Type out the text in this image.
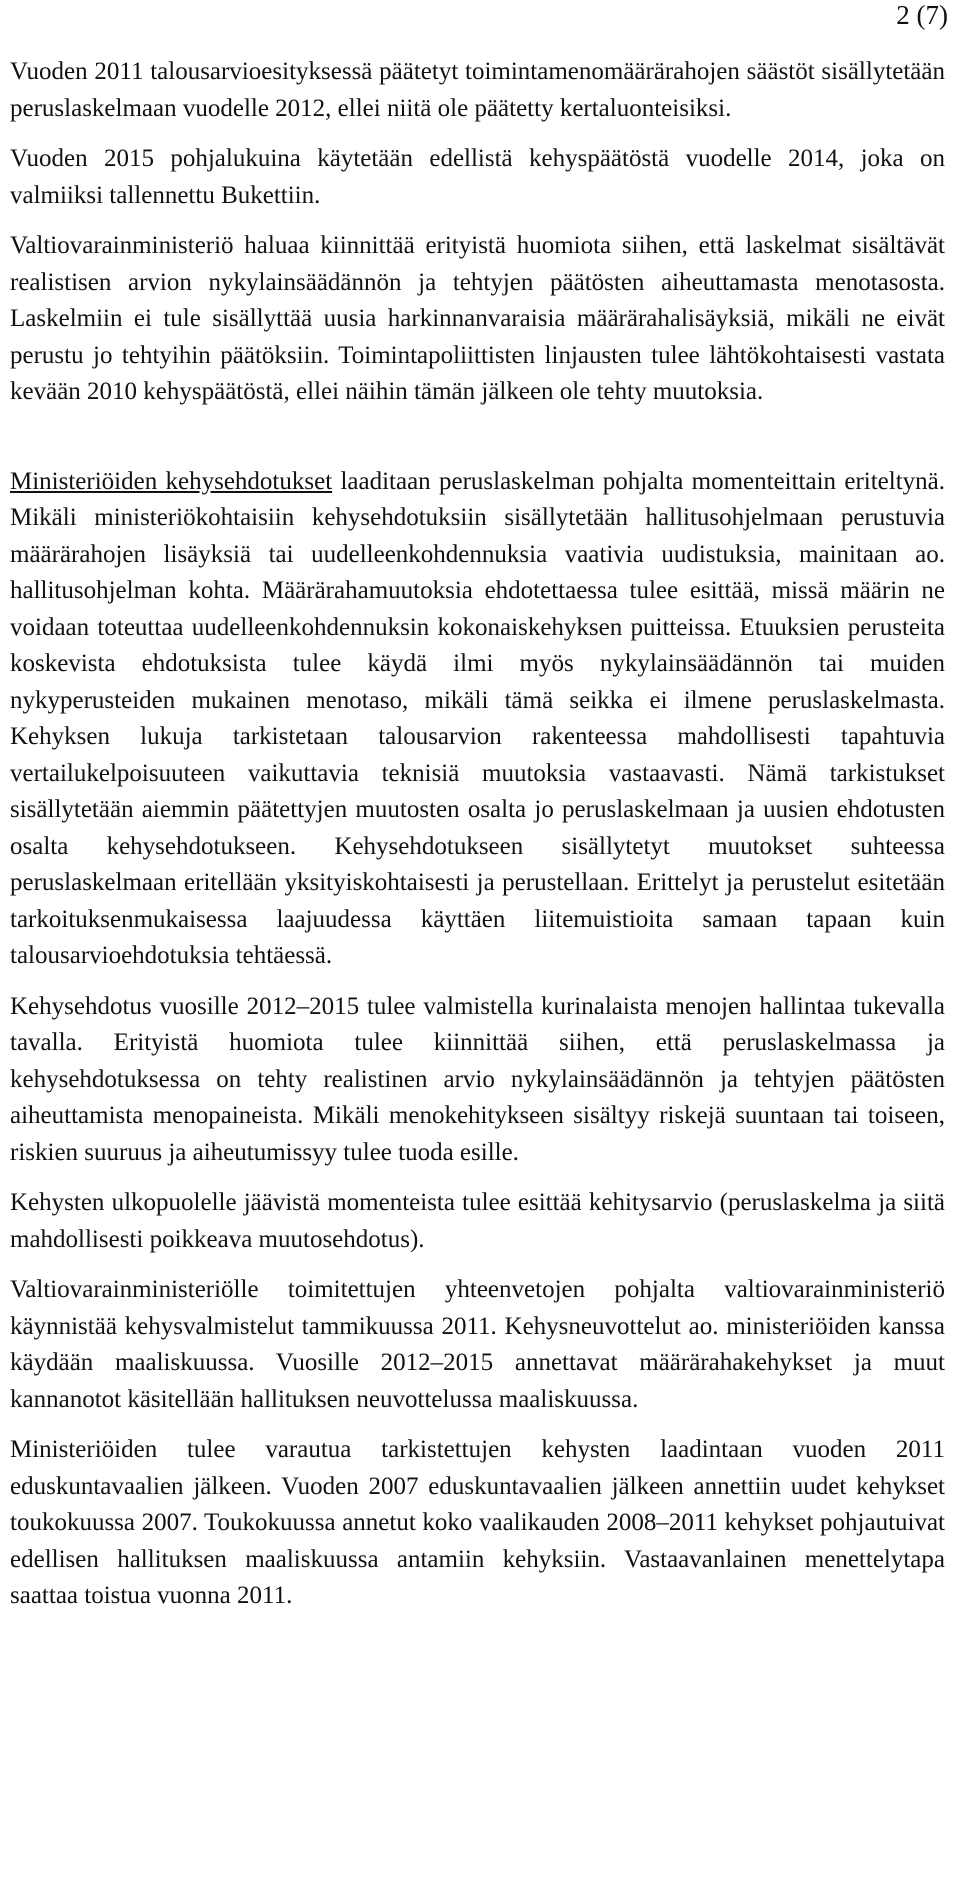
2 (7)

Vuoden 2011 talousarvioesityksessä päätetyt toimintamenomäärärahojen säästöt sisällytetään peruslaskelmaan vuodelle 2012, ellei niitä ole päätetty kertaluonteisiksi.

Vuoden 2015 pohjalukuina käytetään edellistä kehyspäätöstä vuodelle 2014, joka on valmiiksi tallennettu Bukettiin.

Valtiovarainministeriö haluaa kiinnittää erityistä huomiota siihen, että laskelmat sisältävät realistisen arvion nykylainsäädännön ja tehtyjen päätösten aiheuttamasta menotasosta. Laskelmiin ei tule sisällyttää uusia harkinnanvaraisia määrärahalisäyksiä, mikäli ne eivät perustu jo tehtyihin päätöksiin. Toimintapoliittisten linjausten tulee lähtökohtaisesti vastata kevään 2010 kehyspäätöstä, ellei näihin tämän jälkeen ole tehty muutoksia.

Ministeriöiden kehysehdotukset laaditaan peruslaskelman pohjalta momenteittain eriteltynä. Mikäli ministeriökohtaisiin kehysehdotuksiin sisällytetään hallitusohjelmaan perustuvia määrärahojen lisäyksiä tai uudelleenkohdennuksia vaativia uudistuksia, mainitaan ao. hallitusohjelman kohta. Määrärahamuutoksia ehdotettaessa tulee esittää, missä määrin ne voidaan toteuttaa uudelleenkohdennuksin kokonaiskehyksen puitteissa. Etuuksien perusteita koskevista ehdotuksista tulee käydä ilmi myös nykylainsäädännön tai muiden nykyperusteiden mukainen menotaso, mikäli tämä seikka ei ilmene peruslaskelmasta. Kehyksen lukuja tarkistetaan talousarvion rakenteessa mahdollisesti tapahtuvia vertailukelpoisuuteen vaikuttavia teknisiä muutoksia vastaavasti. Nämä tarkistukset sisällytetään aiemmin päätettyjen muutosten osalta jo peruslaskelmaan ja uusien ehdotusten osalta kehysehdotukseen. Kehysehdotukseen sisällytetyt muutokset suhteessa peruslaskelmaan eritellään yksityiskohtaisesti ja perustellaan. Erittelyt ja perustelut esitetään tarkoituksenmukaisessa laajuudessa käyttäen liitemuistioita samaan tapaan kuin talousarvioehdotuksia tehtäessä.

Kehysehdotus vuosille 2012–2015 tulee valmistella kurinalaista menojen hallintaa tukevalla tavalla. Erityistä huomiota tulee kiinnittää siihen, että peruslaskelmassa ja kehysehdotuksessa on tehty realistinen arvio nykylainsäädännön ja tehtyjen päätösten aiheuttamista menopaineista. Mikäli menokehitykseen sisältyy riskejä suuntaan tai toiseen, riskien suuruus ja aiheutumissyy tulee tuoda esille.

Kehysten ulkopuolelle jäävistä momenteista tulee esittää kehitysarvio (peruslaskelma ja siitä mahdollisesti poikkeava muutosehdotus).

Valtiovarainministeriölle toimitettujen yhteenvetojen pohjalta valtiovarainministeriö käynnistää kehysvalmistelut tammikuussa 2011. Kehysneuvottelut ao. ministeriöiden kanssa käydään maaliskuussa. Vuosille 2012–2015 annettavat määrärahakehykset ja muut kannanotot käsitellään hallituksen neuvottelussa maaliskuussa.

Ministeriöiden tulee varautua tarkistettujen kehysten laadintaan vuoden 2011 eduskuntavaalien jälkeen. Vuoden 2007 eduskuntavaalien jälkeen annettiin uudet kehykset toukokuussa 2007. Toukokuussa annetut koko vaalikauden 2008–2011 kehykset pohjautuivat edellisen hallituksen maaliskuussa antamiin kehyksiin. Vastaavanlainen menettelytapa saattaa toistua vuonna 2011.
